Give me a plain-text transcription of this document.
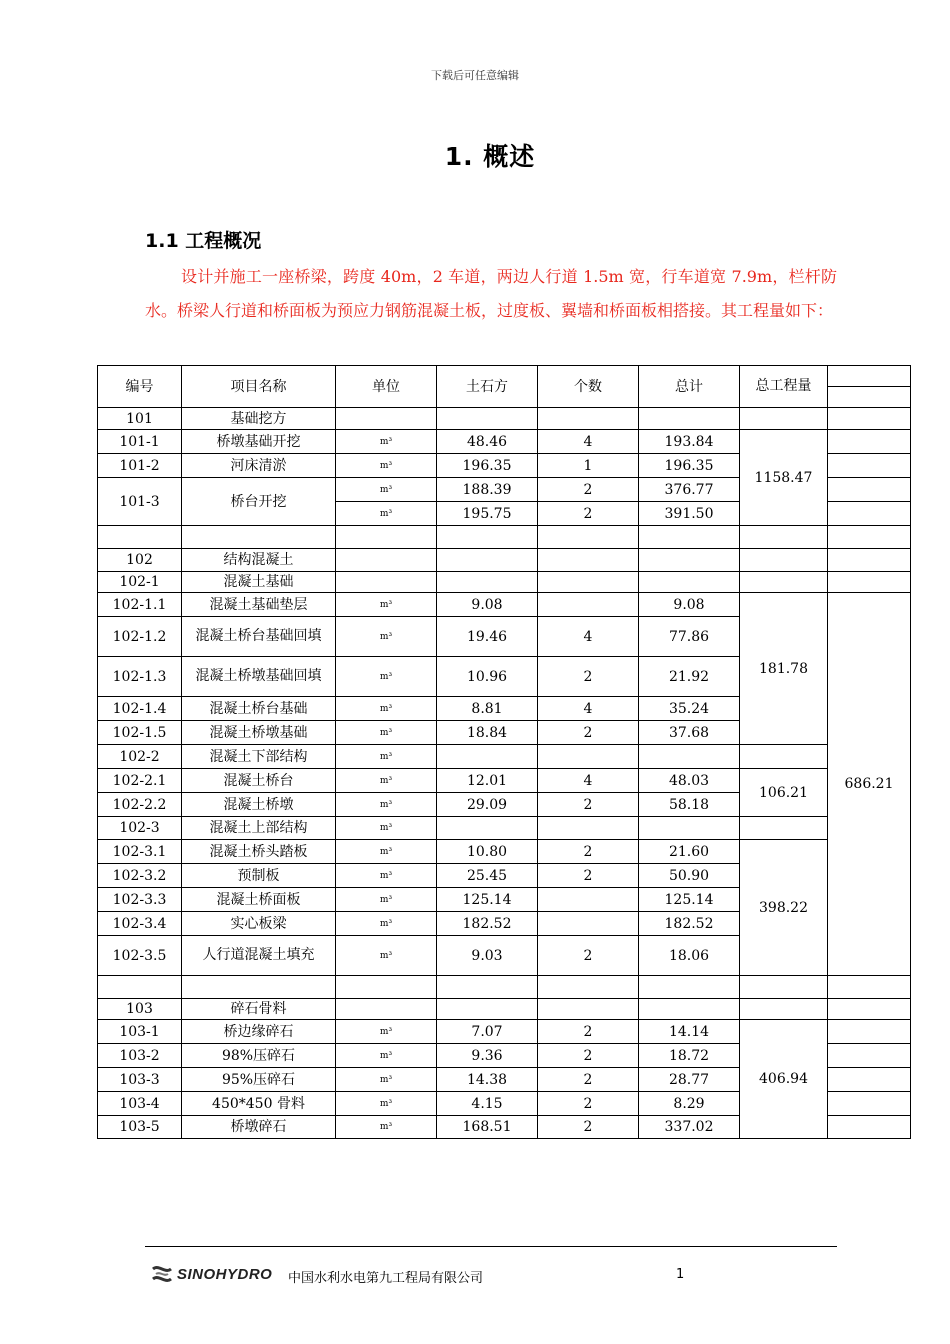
下载后可任意编辑
1. 概述
1.1 工程概况
设计并施工一座桥梁，跨度 40m，2 车道，两边人行道 1.5m 宽，行车道宽 7.9m，栏杆防水。桥梁人行道和桥面板为预应力钢筋混凝土板，过度板、翼墙和桥面板相搭接。其工程量如下：
编号	项目名称	单位	土石方	个数	总计	总工程量	

101	基础挖方						
101-1	桥墩基础开挖	m³	48.46	4	193.84	1158.47	
101-2	河床清淤	m³	196.35	1	196.35		
101-3	桥台开挖	m³	188.39	2	376.77		
		m³	195.75	2	391.50		

102	结构混凝土						
102-1	混凝土基础						
102-1.1	混凝土基础垫层	m³	9.08		9.08	181.78	686.21
102-1.2	混凝土桥台基础回填	m³	19.46	4	77.86		
102-1.3	混凝土桥墩基础回填	m³	10.96	2	21.92		
102-1.4	混凝土桥台基础	m³	8.81	4	35.24		
102-1.5	混凝土桥墩基础	m³	18.84	2	37.68		
102-2	混凝土下部结构	m³					
102-2.1	混凝土桥台	m³	12.01	4	48.03	106.21	
102-2.2	混凝土桥墩	m³	29.09	2	58.18		
102-3	混凝土上部结构	m³					
102-3.1	混凝土桥头踏板	m³	10.80	2	21.60	398.22	
102-3.2	预制板	m³	25.45	2	50.90		
102-3.3	混凝土桥面板	m³	125.14		125.14		
102-3.4	实心板梁	m³	182.52		182.52		
102-3.5	人行道混凝土填充	m³	9.03	2	18.06		

103	碎石骨料						
103-1	桥边缘碎石	m³	7.07	2	14.14	406.94	
103-2	98%压碎石	m³	9.36	2	18.72		
103-3	95%压碎石	m³	14.38	2	28.77		
103-4	450*450 骨料	m³	4.15	2	8.29		
103-5	桥墩碎石	m³	168.51	2	337.02		
SINOHYDRO 中国水利水电第九工程局有限公司	1
